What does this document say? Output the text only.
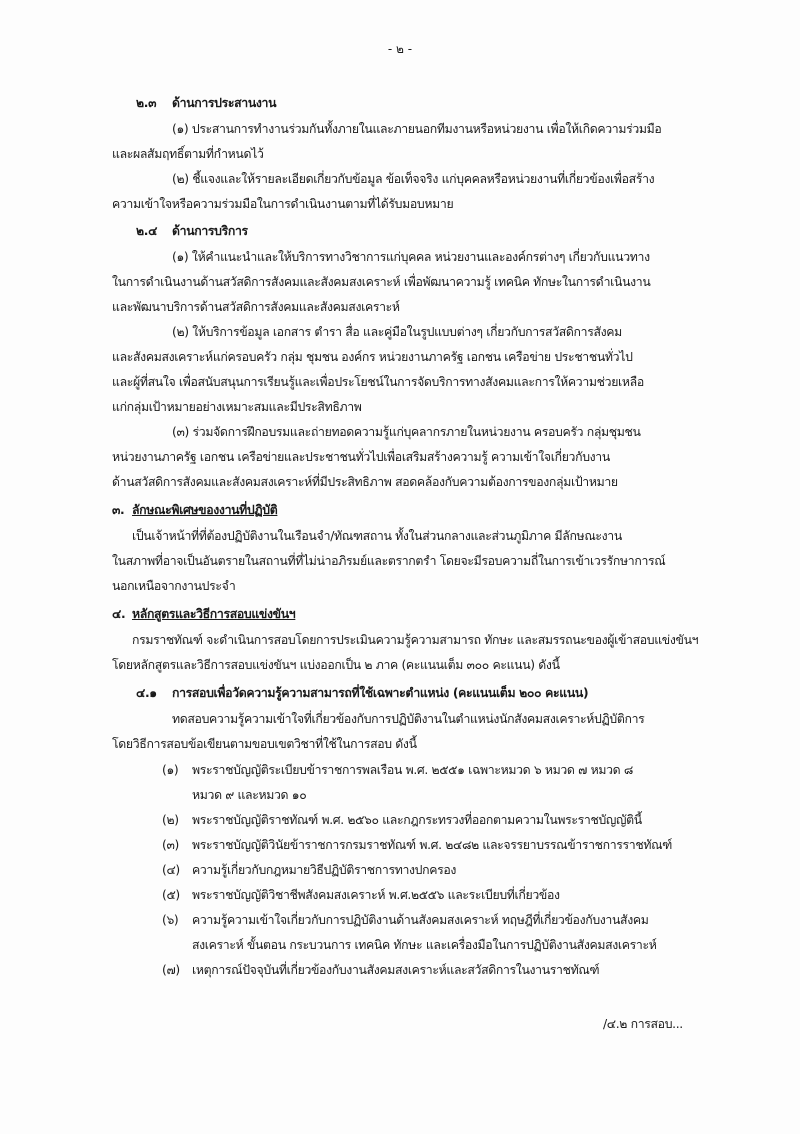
- ๒ -
๒.๓ ด้านการประสานงาน
(๑) ประสานการทำงานร่วมกันทั้งภายในและภายนอกทีมงานหรือหน่วยงาน เพื่อให้เกิดความร่วมมือ
และผลสัมฤทธิ์ตามที่กำหนดไว้
(๒) ชี้แจงและให้รายละเอียดเกี่ยวกับข้อมูล ข้อเท็จจริง แก่บุคคลหรือหน่วยงานที่เกี่ยวข้องเพื่อสร้าง
ความเข้าใจหรือความร่วมมือในการดำเนินงานตามที่ได้รับมอบหมาย
๒.๔ ด้านการบริการ
(๑) ให้คำแนะนำและให้บริการทางวิชาการแก่บุคคล หน่วยงานและองค์กรต่างๆ เกี่ยวกับแนวทาง
ในการดำเนินงานด้านสวัสดิการสังคมและสังคมสงเคราะห์ เพื่อพัฒนาความรู้ เทคนิค ทักษะในการดำเนินงาน
และพัฒนาบริการด้านสวัสดิการสังคมและสังคมสงเคราะห์
(๒) ให้บริการข้อมูล เอกสาร ตำรา สื่อ และคู่มือในรูปแบบต่างๆ เกี่ยวกับการสวัสดิการสังคม
และสังคมสงเคราะห์แก่ครอบครัว กลุ่ม ชุมชน องค์กร หน่วยงานภาครัฐ เอกชน เครือข่าย ประชาชนทั่วไป
และผู้ที่สนใจ เพื่อสนับสนุนการเรียนรู้และเพื่อประโยชน์ในการจัดบริการทางสังคมและการให้ความช่วยเหลือ
แก่กลุ่มเป้าหมายอย่างเหมาะสมและมีประสิทธิภาพ
(๓) ร่วมจัดการฝึกอบรมและถ่ายทอดความรู้แก่บุคลากรภายในหน่วยงาน ครอบครัว กลุ่มชุมชน
หน่วยงานภาครัฐ เอกชน เครือข่ายและประชาชนทั่วไปเพื่อเสริมสร้างความรู้ ความเข้าใจเกี่ยวกับงาน
ด้านสวัสดิการสังคมและสังคมสงเคราะห์ที่มีประสิทธิภาพ สอดคล้องกับความต้องการของกลุ่มเป้าหมาย
๓. ลักษณะพิเศษของงานที่ปฏิบัติ
เป็นเจ้าหน้าที่ที่ต้องปฏิบัติงานในเรือนจำ/ทัณฑสถาน ทั้งในส่วนกลางและส่วนภูมิภาค มีลักษณะงาน
ในสภาพที่อาจเป็นอันตรายในสถานที่ที่ไม่น่าอภิรมย์และตรากตรำ โดยจะมีรอบความถี่ในการเข้าเวรรักษาการณ์
นอกเหนือจากงานประจำ
๔. หลักสูตรและวิธีการสอบแข่งขันฯ
กรมราชทัณฑ์ จะดำเนินการสอบโดยการประเมินความรู้ความสามารถ ทักษะ และสมรรถนะของผู้เข้าสอบแข่งขันฯ
โดยหลักสูตรและวิธีการสอบแข่งขันฯ แบ่งออกเป็น ๒ ภาค (คะแนนเต็ม ๓๐๐ คะแนน) ดังนี้
๔.๑ การสอบเพื่อวัดความรู้ความสามารถที่ใช้เฉพาะตำแหน่ง (คะแนนเต็ม ๒๐๐ คะแนน)
ทดสอบความรู้ความเข้าใจที่เกี่ยวข้องกับการปฏิบัติงานในตำแหน่งนักสังคมสงเคราะห์ปฏิบัติการ
โดยวิธีการสอบข้อเขียนตามขอบเขตวิชาที่ใช้ในการสอบ ดังนี้
(๑) พระราชบัญญัติระเบียบข้าราชการพลเรือน พ.ศ. ๒๕๕๑ เฉพาะหมวด ๖ หมวด ๗ หมวด ๘
หมวด ๙ และหมวด ๑๐
(๒) พระราชบัญญัติราชทัณฑ์ พ.ศ. ๒๕๖๐ และกฎกระทรวงที่ออกตามความในพระราชบัญญัตินี้
(๓) พระราชบัญญัติวินัยข้าราชการกรมราชทัณฑ์ พ.ศ. ๒๔๘๒ และจรรยาบรรณข้าราชการราชทัณฑ์
(๔) ความรู้เกี่ยวกับกฎหมายวิธีปฏิบัติราชการทางปกครอง
(๕) พระราชบัญญัติวิชาชีพสังคมสงเคราะห์ พ.ศ.๒๕๕๖ และระเบียบที่เกี่ยวข้อง
(๖) ความรู้ความเข้าใจเกี่ยวกับการปฏิบัติงานด้านสังคมสงเคราะห์ ทฤษฎีที่เกี่ยวข้องกับงานสังคม
สงเคราะห์ ขั้นตอน กระบวนการ เทคนิค ทักษะ และเครื่องมือในการปฏิบัติงานสังคมสงเคราะห์
(๗) เหตุการณ์ปัจจุบันที่เกี่ยวข้องกับงานสังคมสงเคราะห์และสวัสดิการในงานราชทัณฑ์
/๔.๒ การสอบ...
